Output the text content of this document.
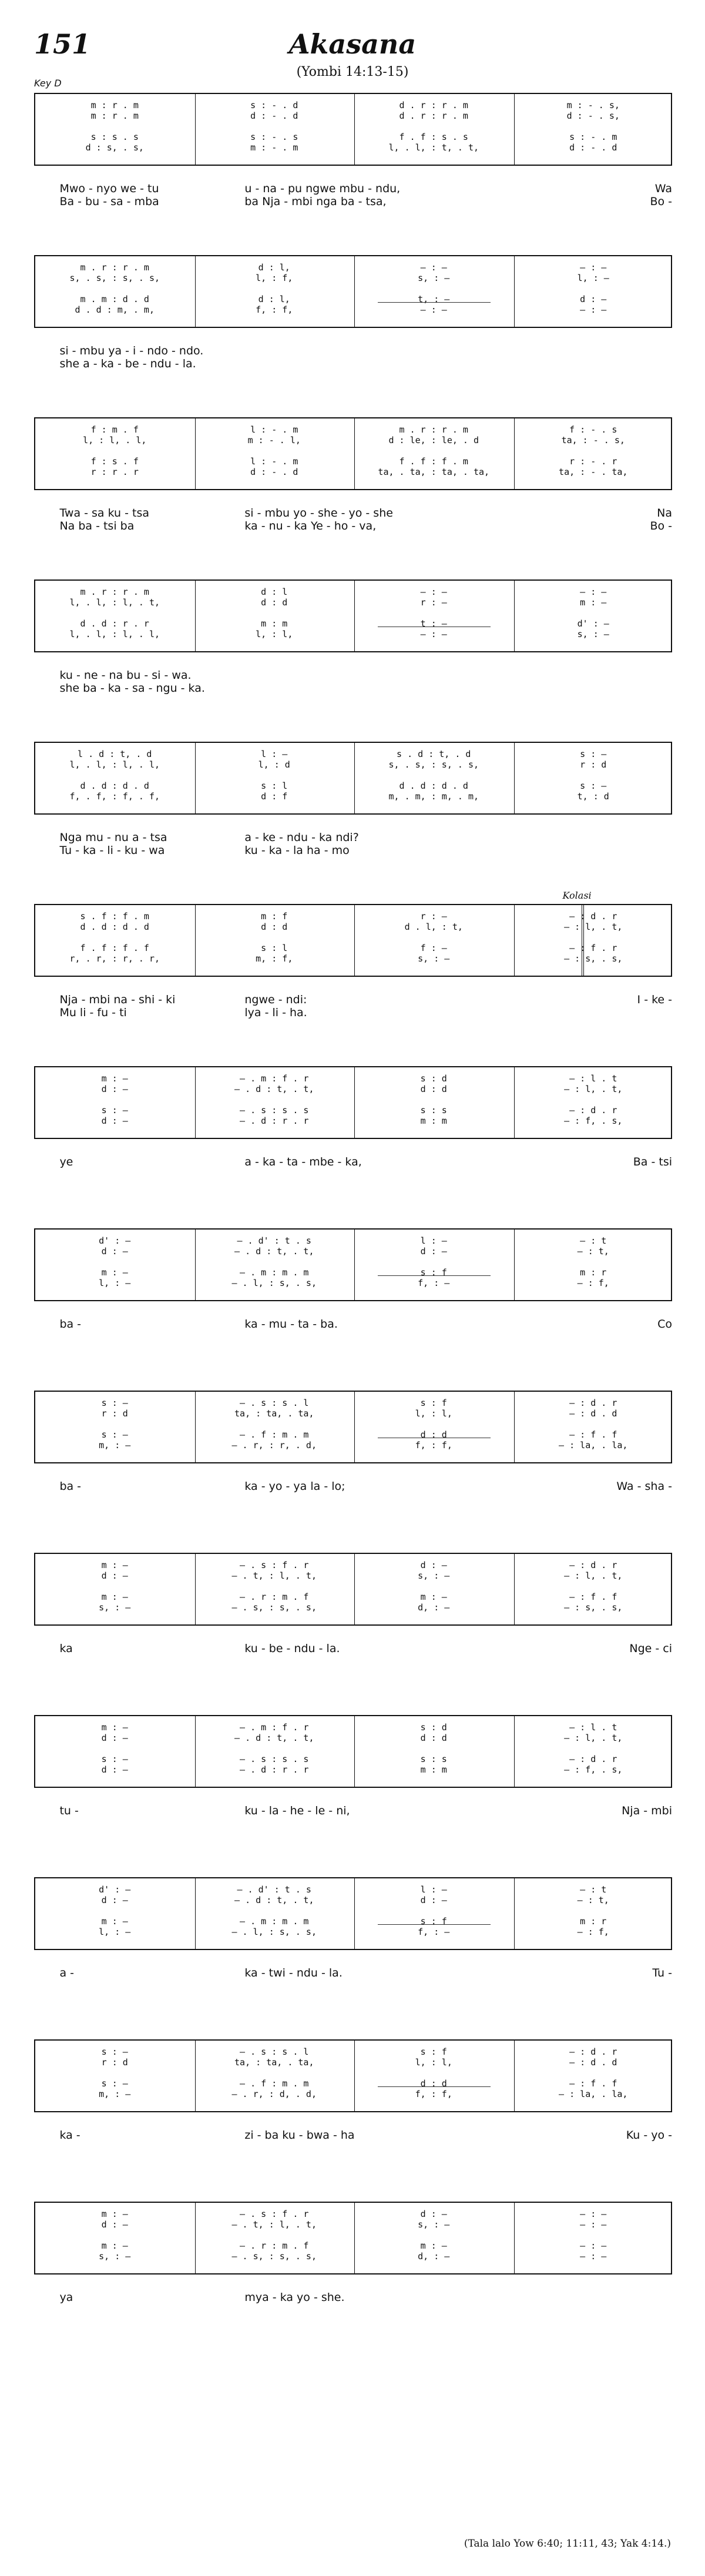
151	Akasana
(Yombi 14:13-15)
Key D
m : r . m	s : - . d	d . r : r . m	m : - . s,
m : r . m	d : - . d	d . r : r . m	d : - . s,
s : s . s	s : - . s	f . f : s . s	s : - . m
d : s, . s,	m : - . m	l, . l, : t, . t,	d : - . d
Mwo - nyo we - tu	u - na - pu ngwe mbu - ndu,	Wa
Ba - bu - sa - mba	ba Nja - mbi nga ba - tsa,	Bo -
m . r : r . m	d : l,	— : —	— : —
s, . s, : s, . s,	l, : f,	s, : —	l, : —
m . m : d . d	d : l,	t, : —	d : —
d . d : m, . m,	f, : f,	— : —	— : —
si - mbu ya - i - ndo - ndo.
she a - ka - be - ndu - la.
f : m . f	l : - . m	m . r : r . m	f : - . s
l, : l, . l,	m : - . l,	d : le, : le, . d	ta, : - . s,
f : s . f	l : - . m	f . f : f . m	r : - . r
r : r . r	d : - . d	ta, . ta, : ta, . ta,	ta, : - . ta,
Twa - sa ku - tsa	si - mbu yo - she - yo - she	Na
Na ba - tsi ba	ka - nu - ka Ye - ho - va,	Bo -
m . r : r . m	d : l	— : —	— : —
l, . l, : l, . t,	d : d	r : —	m : —
d . d : r . r	m : m	t : —	d' : —
l, . l, : l, . l,	l, : l,	— : —	s, : —
ku - ne - na bu - si - wa.
she ba - ka - sa - ngu - ka.
l . d : t, . d	l : —	s . d : t, . d	s : —
l, . l, : l, . l,	l, : d	s, . s, : s, . s,	r : d
d . d : d . d	s : l	d . d : d . d	s : —
f, . f, : f, . f,	d : f	m, . m, : m, . m,	t, : d
Nga mu - nu a - tsa	a - ke - ndu - ka ndi?
Tu - ka - li - ku - wa	ku - ka - la ha - mo
Kolasi
s . f : f . m	m : f	r : —	— : d . r
d . d : d . d	d : d	d . l, : t,	— : l, . t,
f . f : f . f	s : l	f : —	— : f . r
r, . r, : r, . r,	m, : f,	s, : —	— : s, . s,
Nja - mbi na - shi - ki	ngwe - ndi:	I - ke -
Mu li - fu - ti	lya - li - ha.
m : —	— . m : f . r	s : d	— : l . t
d : —	— . d : t, . t,	d : d	— : l, . t,
s : —	— . s : s . s	s : s	— : d . r
d : —	— . d : r . r	m : m	— : f, . s,
ye	a - ka - ta - mbe - ka,	Ba - tsi
d' : —	— . d' : t . s	l : —	— : t
d : —	— . d : t, . t,	d : —	— : t,
m : —	— . m : m . m	s : f	m : r
l, : —	— . l, : s, . s,	f, : —	— : f,
ba -	ka - mu - ta - ba.	Co
s : —	— . s : s . l	s : f	— : d . r
r : d	ta, : ta, . ta,	l, : l,	— : d . d
s : —	— . f : m . m	d : d	— : f . f
m, : —	— . r, : r, . d,	f, : f,	— : la, . la,
ba -	ka - yo - ya la - lo;	Wa - sha -
m : —	— . s : f . r	d : —	— : d . r
d : —	— . t, : l, . t,	s, : —	— : l, . t,
m : —	— . r : m . f	m : —	— : f . f
s, : —	— . s, : s, . s,	d, : —	— : s, . s,
ka	ku - be - ndu - la.	Nge - ci
m : —	— . m : f . r	s : d	— : l . t
d : —	— . d : t, . t,	d : d	— : l, . t,
s : —	— . s : s . s	s : s	— : d . r
d : —	— . d : r . r	m : m	— : f, . s,
tu -	ku - la - he - le - ni,	Nja - mbi
d' : —	— . d' : t . s	l : —	— : t
d : —	— . d : t, . t,	d : —	— : t,
m : —	— . m : m . m	s : f	m : r
l, : —	— . l, : s, . s,	f, : —	— : f,
a -	ka - twi - ndu - la.	Tu -
s : —	— . s : s . l	s : f	— : d . r
r : d	ta, : ta, . ta,	l, : l,	— : d . d
s : —	— . f : m . m	d : d	— : f . f
m, : —	— . r, : d, . d,	f, : f,	— : la, . la,
ka -	zi - ba ku - bwa - ha	Ku - yo -
m : —	— . s : f . r	d : —	— : —
d : —	— . t, : l, . t,	s, : —	— : —
m : —	— . r : m . f	m : —	— : —
s, : —	— . s, : s, . s,	d, : —	— : —
ya	mya - ka yo - she.
(Tala lalo Yow 6:40; 11:11, 43; Yak 4:14.)
